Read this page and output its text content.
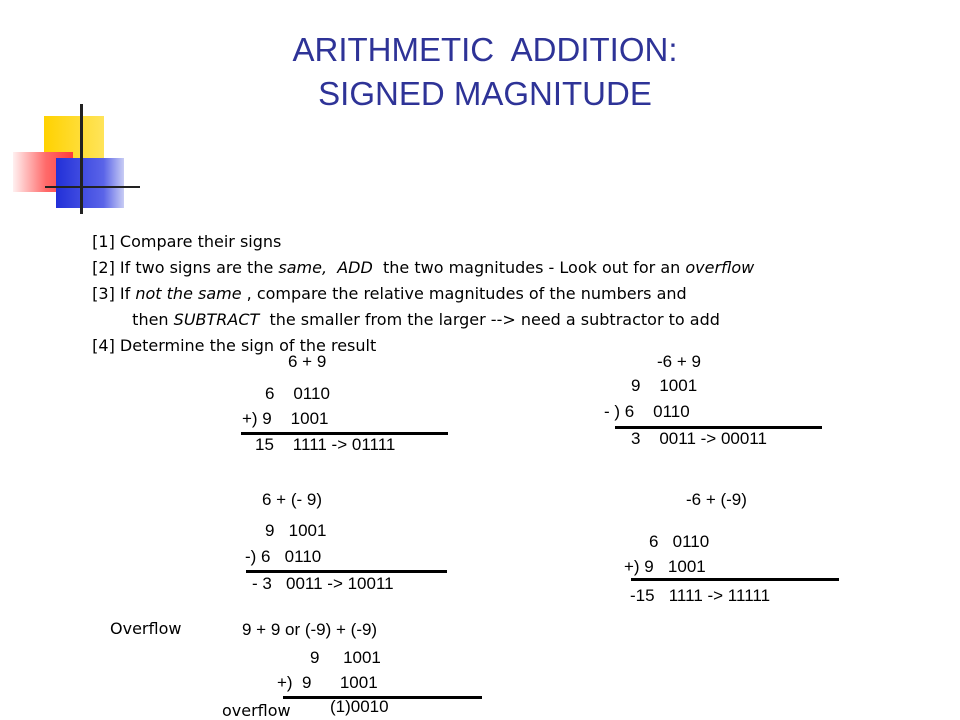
ARITHMETIC  ADDITION:
SIGNED MAGNITUDE

[1] Compare their signs

[2] If two signs are the same,  ADD  the two magnitudes - Look out for an overflow

[3] If not the same , compare the relative magnitudes of the numbers and

then SUBTRACT  the smaller from the larger --> need a subtractor to add

[4] Determine the sign of the result

6 + 9
6    0110
+) 9    1001
15    1111 -> 01111
-6 + 9
9    1001
- ) 6    0110
3    0011 -> 00011
6 + (- 9)
9   1001
-) 6   0110
- 3   0011 -> 10011
-6 + (-9)
6   0110
+) 9   1001
-15   1111 -> 11111
Overflow	9 + 9 or (-9) + (-9)
9     1001
+)  9      1001
overflow (1)0010
